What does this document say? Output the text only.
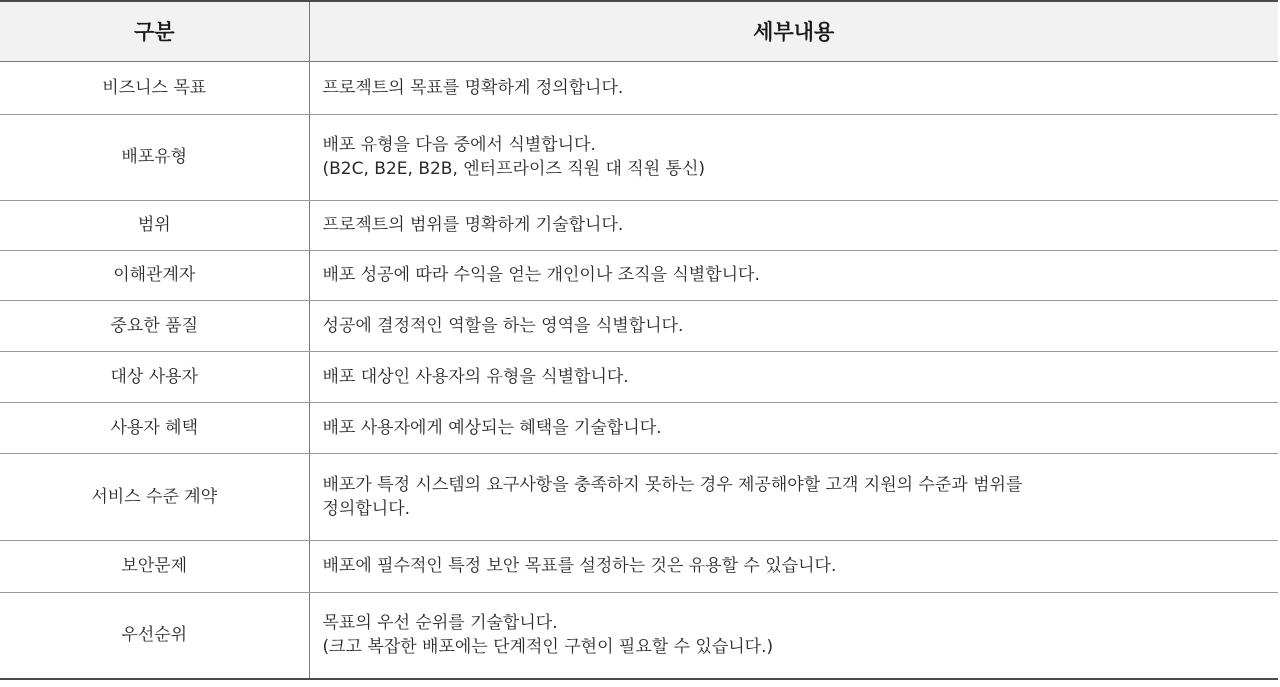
구분	세부내용
비즈니스 목표	프로젝트의 목표를 명확하게 정의합니다.

배포유형	배포 유형을 다음 중에서 식별합니다.
(B2C, B2E, B2B, 엔터프라이즈 직원 대 직원 통신)

범위	프로젝트의 범위를 명확하게 기술합니다.

이해관계자	배포 성공에 따라 수익을 얻는 개인이나 조직을 식별합니다.

중요한 품질	성공에 결정적인 역할을 하는 영역을 식별합니다.

대상 사용자	배포 대상인 사용자의 유형을 식별합니다.

사용자 혜택	배포 사용자에게 예상되는 혜택을 기술합니다.

서비스 수준 계약	배포가 특정 시스템의 요구사항을 충족하지 못하는 경우 제공해야할 고객 지원의 수준과 범위를
정의합니다.

보안문제	배포에 필수적인 특정 보안 목표를 설정하는 것은 유용할 수 있습니다.

우선순위	목표의 우선 순위를 기술합니다.
(크고 복잡한 배포에는 단계적인 구현이 필요할 수 있습니다.)
